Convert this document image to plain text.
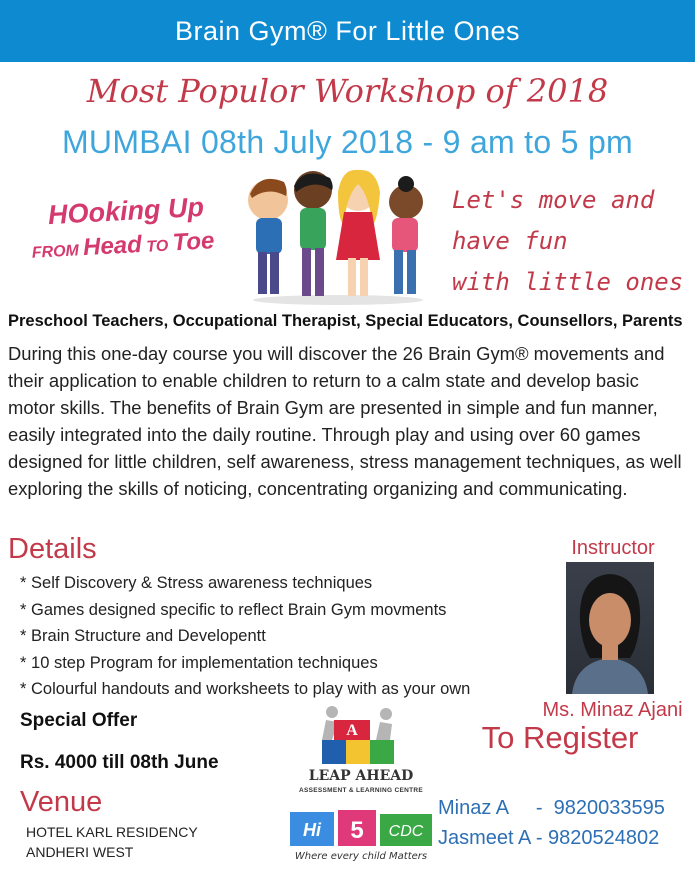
Brain Gym® For Little Ones
Most Populor Workshop of 2018
MUMBAI 08th July 2018 - 9 am to 5 pm
HOoking Up
FROM Head TO Toe
Let's move and
have fun
with little ones
Preschool Teachers, Occupational Therapist, Special Educators, Counsellors, Parents
During this one-day course you will discover the 26 Brain Gym® movements and their application to enable children to return to a calm state and develop basic motor skills. The benefits of Brain Gym are presented in simple and fun manner, easily integrated into the daily routine. Through play and using over 60 games designed for little children, self awareness, stress management techniques, as well exploring the skills of noticing, concentrating organizing and communicating.
Details
* Self Discovery & Stress awareness techniques
* Games designed specific to reflect Brain Gym movments
* Brain Structure and Developentt
* 10 step Program for implementation techniques
* Colourful handouts and worksheets to play with as your own
Instructor
Ms. Minaz Ajani
Special Offer
Rs. 4000 till 08th June
Venue
HOTEL KARL RESIDENCY
ANDHERI WEST
A
LEAP AHEAD
ASSESSMENT & LEARNING CENTRE
Hi 5 CDC
Where every child Matters
To Register
Minaz A     -  9820033595
Jasmeet A - 9820524802
